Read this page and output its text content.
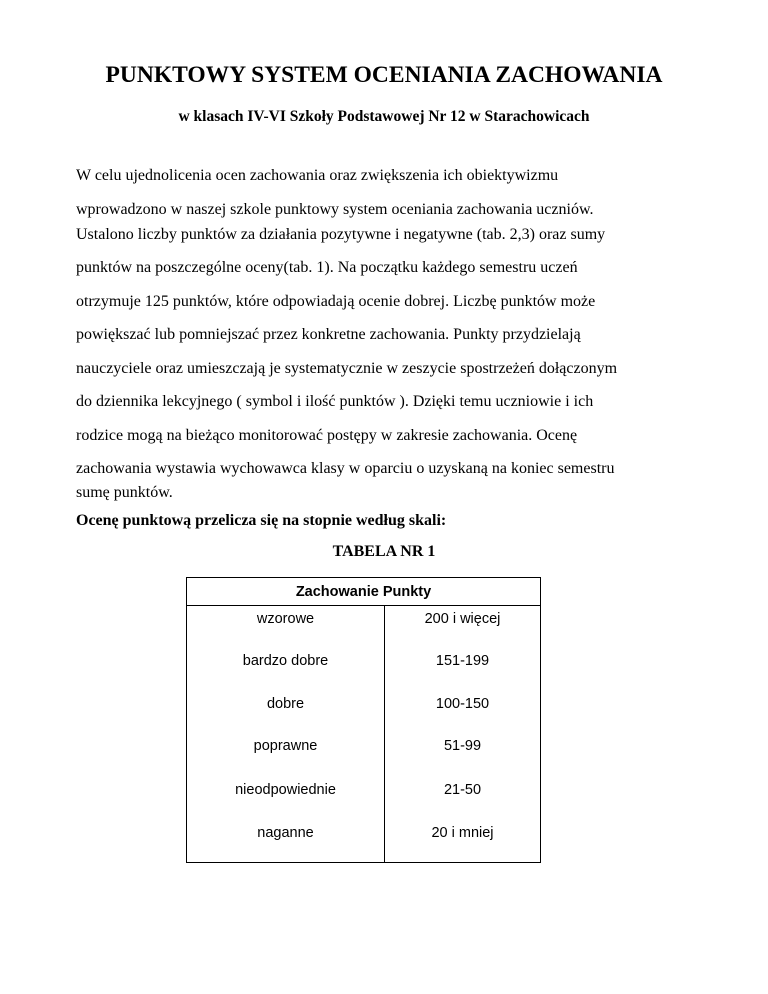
PUNKTOWY SYSTEM OCENIANIA ZACHOWANIA
w klasach IV-VI Szkoły Podstawowej Nr 12 w Starachowicach
W celu ujednolicenia ocen zachowania oraz zwiększenia ich obiektywizmu
wprowadzono w naszej szkole punktowy system oceniania zachowania uczniów.
Ustalono liczby punktów za działania pozytywne i negatywne (tab. 2,3) oraz sumy
punktów na poszczególne oceny(tab. 1). Na początku każdego semestru uczeń
otrzymuje 125 punktów, które odpowiadają ocenie dobrej. Liczbę punktów może
powiększać lub pomniejszać przez konkretne zachowania. Punkty przydzielają
nauczyciele oraz umieszczają je systematycznie w zeszycie spostrzeżeń dołączonym
do dziennika lekcyjnego ( symbol i ilość punktów ). Dzięki temu uczniowie i ich
rodzice mogą na bieżąco monitorować postępy w zakresie zachowania. Ocenę
zachowania wystawia wychowawca klasy w oparciu o uzyskaną na koniec semestru
sumę punktów.
Ocenę punktową przelicza się na stopnie według skali:
TABELA NR 1
Zachowanie Punkty
wzorowe	200 i więcej
bardzo dobre	151-199
dobre	100-150
poprawne	51-99
nieodpowiednie	21-50
naganne	20 i mniej
